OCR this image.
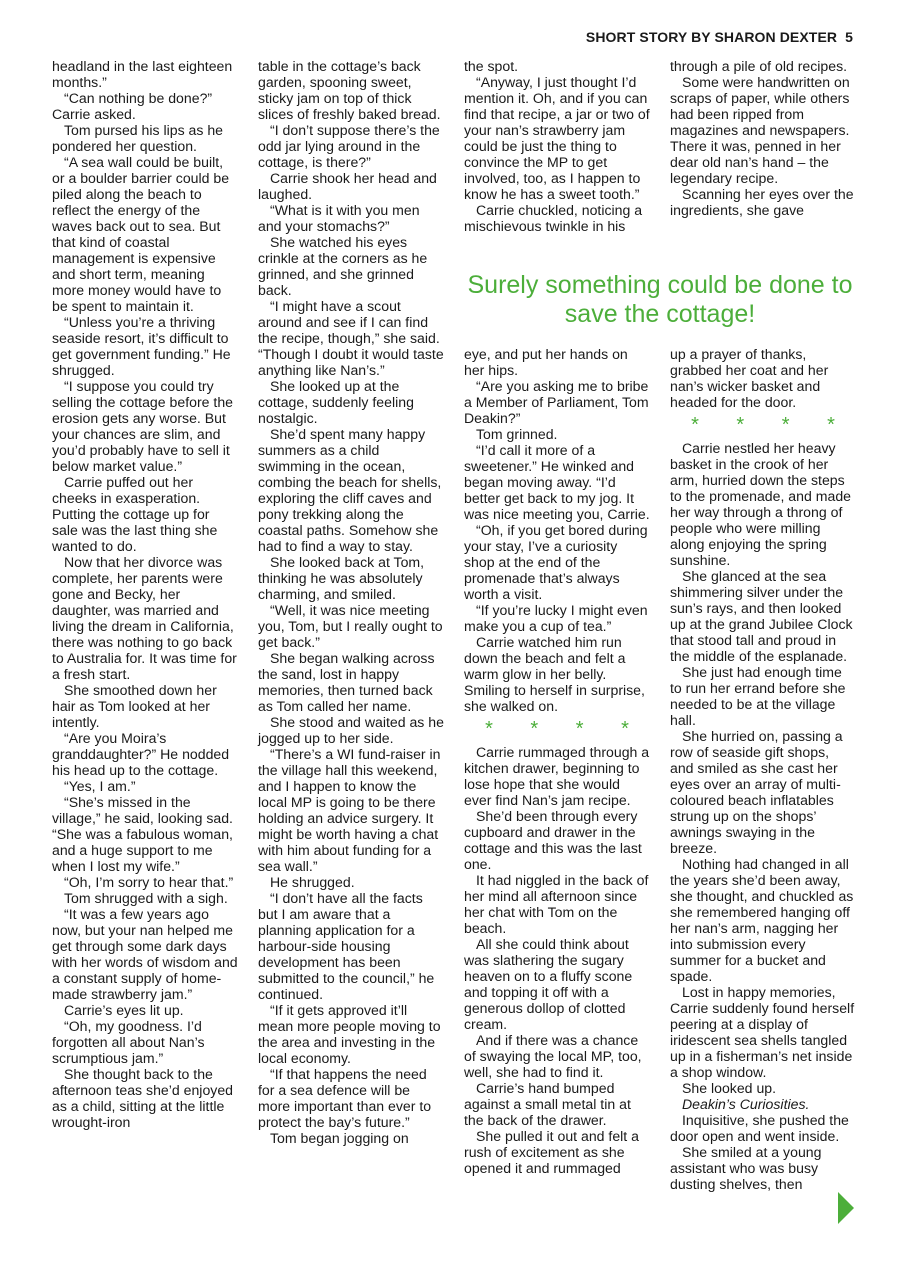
SHORT STORY BY SHARON DEXTER 5

headland in the last eighteen months.”

“Can nothing be done?” Carrie asked.

Tom pursed his lips as he pondered her question.

“A sea wall could be built, or a boulder barrier could be piled along the beach to reflect the energy of the waves back out to sea. But that kind of coastal management is expensive and short term, meaning more money would have to be spent to maintain it.

“Unless you’re a thriving seaside resort, it’s difficult to get government funding.” He shrugged.

“I suppose you could try selling the cottage before the erosion gets any worse. But your chances are slim, and you’d probably have to sell it below market value.”

Carrie puffed out her cheeks in exasperation. Putting the cottage up for sale was the last thing she wanted to do.

Now that her divorce was complete, her parents were gone and Becky, her daughter, was married and living the dream in California, there was nothing to go back to Australia for. It was time for a fresh start.

She smoothed down her hair as Tom looked at her intently.

“Are you Moira’s granddaughter?” He nodded his head up to the cottage.

“Yes, I am.”

“She’s missed in the village,” he said, looking sad. “She was a fabulous woman, and a huge support to me when I lost my wife.”

“Oh, I’m sorry to hear that.”

Tom shrugged with a sigh.

“It was a few years ago now, but your nan helped me get through some dark days with her words of wisdom and a constant supply of home-made strawberry jam.”

Carrie’s eyes lit up.

“Oh, my goodness. I’d forgotten all about Nan’s scrumptious jam.”

She thought back to the afternoon teas she’d enjoyed as a child, sitting at the little wrought-iron

table in the cottage’s back garden, spooning sweet, sticky jam on top of thick slices of freshly baked bread.

“I don’t suppose there’s the odd jar lying around in the cottage, is there?”

Carrie shook her head and laughed.

“What is it with you men and your stomachs?”

She watched his eyes crinkle at the corners as he grinned, and she grinned back.

“I might have a scout around and see if I can find the recipe, though,” she said. “Though I doubt it would taste anything like Nan’s.”

She looked up at the cottage, suddenly feeling nostalgic.

She’d spent many happy summers as a child swimming in the ocean, combing the beach for shells, exploring the cliff caves and pony trekking along the coastal paths. Somehow she had to find a way to stay.

She looked back at Tom, thinking he was absolutely charming, and smiled.

“Well, it was nice meeting you, Tom, but I really ought to get back.”

She began walking across the sand, lost in happy memories, then turned back as Tom called her name.

She stood and waited as he jogged up to her side.

“There’s a WI fund-raiser in the village hall this weekend, and I happen to know the local MP is going to be there holding an advice surgery. It might be worth having a chat with him about funding for a sea wall.”

He shrugged.

“I don’t have all the facts but I am aware that a planning application for a harbour-side housing development has been submitted to the council,” he continued.

“If it gets approved it’ll mean more people moving to the area and investing in the local economy.

“If that happens the need for a sea defence will be more important than ever to protect the bay’s future.”

Tom began jogging on

the spot.

“Anyway, I just thought I’d mention it. Oh, and if you can find that recipe, a jar or two of your nan’s strawberry jam could be just the thing to convince the MP to get involved, too, as I happen to know he has a sweet tooth.”

Carrie chuckled, noticing a mischievous twinkle in his

through a pile of old recipes.

Some were handwritten on scraps of paper, while others had been ripped from magazines and newspapers. There it was, penned in her dear old nan’s hand – the legendary recipe.

Scanning her eyes over the ingredients, she gave

Surely something could be done to save the cottage!

eye, and put her hands on her hips.

“Are you asking me to bribe a Member of Parliament, Tom Deakin?”

Tom grinned.

“I’d call it more of a sweetener.” He winked and began moving away. “I’d better get back to my jog. It was nice meeting you, Carrie.

“Oh, if you get bored during your stay, I’ve a curiosity shop at the end of the promenade that’s always worth a visit.

“If you’re lucky I might even make you a cup of tea.”

Carrie watched him run down the beach and felt a warm glow in her belly. Smiling to herself in surprise, she walked on.

* * * *

Carrie rummaged through a kitchen drawer, beginning to lose hope that she would ever find Nan’s jam recipe.

She’d been through every cupboard and drawer in the cottage and this was the last one.

It had niggled in the back of her mind all afternoon since her chat with Tom on the beach.

All she could think about was slathering the sugary heaven on to a fluffy scone and topping it off with a generous dollop of clotted cream.

And if there was a chance of swaying the local MP, too, well, she had to find it.

Carrie’s hand bumped against a small metal tin at the back of the drawer.

She pulled it out and felt a rush of excitement as she opened it and rummaged

up a prayer of thanks, grabbed her coat and her nan’s wicker basket and headed for the door.

* * * *

Carrie nestled her heavy basket in the crook of her arm, hurried down the steps to the promenade, and made her way through a throng of people who were milling along enjoying the spring sunshine.

She glanced at the sea shimmering silver under the sun’s rays, and then looked up at the grand Jubilee Clock that stood tall and proud in the middle of the esplanade.

She just had enough time to run her errand before she needed to be at the village hall.

She hurried on, passing a row of seaside gift shops, and smiled as she cast her eyes over an array of multi-coloured beach inflatables strung up on the shops’ awnings swaying in the breeze.

Nothing had changed in all the years she’d been away, she thought, and chuckled as she remembered hanging off her nan’s arm, nagging her into submission every summer for a bucket and spade.

Lost in happy memories, Carrie suddenly found herself peering at a display of iridescent sea shells tangled up in a fisherman’s net inside a shop window.

She looked up.

Deakin’s Curiosities.

Inquisitive, she pushed the door open and went inside.

She smiled at a young assistant who was busy dusting shelves, then
